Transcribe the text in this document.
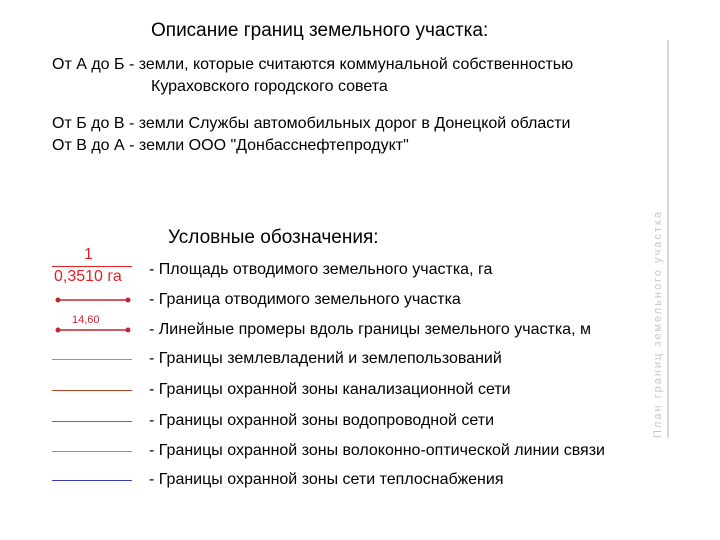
Описание границ земельного участка:
От А до Б - земли, которые считаются коммунальной собственностью
Кураховского городского совета
От Б до В - земли Службы автомобильных дорог в Донецкой области
От В до А - земли ООО "Донбасснефтепродукт"
Условные обозначения:
1
0,3510 га - Площадь отводимого земельного участка, га
- Граница отводимого земельного участка
14,60
- Линейные промеры вдоль границы земельного участка, м
- Границы землевладений и землепользований
- Границы охранной зоны канализационной сети
- Границы охранной зоны водопроводной сети
- Границы охранной зоны волоконно-оптической линии связи
- Границы охранной зоны сети теплоснабжения
План границ земельного участка
